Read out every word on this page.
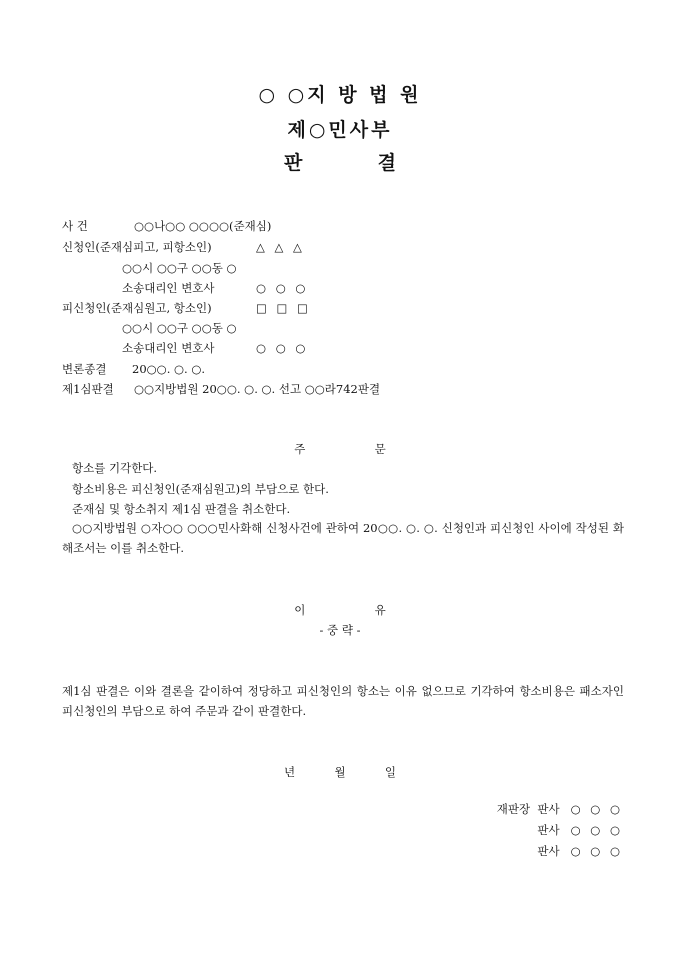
○ ○지 방 법 원
제○민사부
판	결
사 건	○○나○○ ○○○○(준재심)
신청인(준재심피고, 피항소인)	△ △ △
○○시 ○○구 ○○동 ○
소송대리인 변호사	○ ○ ○
피신청인(준재심원고, 항소인)	□ □ □
○○시 ○○구 ○○동 ○
소송대리인 변호사	○ ○ ○
변론종결 20○○. ○. ○.
제1심판결 ○○지방법원 20○○. ○. ○. 선고 ○○라742판결
주	문
항소를 기각한다.
항소비용은 피신청인(준재심원고)의 부담으로 한다.
준재심 및 항소취지 제1심 판결을 취소한다.
○○지방법원 ○자○○ ○○○민사화해 신청사건에 관하여 20○○. ○. ○. 신청인과 피신청인 사이에 작성된 화해조서는 이를 취소한다.
이	유
- 중 략 -
제1심 판결은 이와 결론을 같이하여 정당하고 피신청인의 항소는 이유 없으므로 기각하여 항소비용은 패소자인 피신청인의 부담으로 하여 주문과 같이 판결한다.
년	월	일
재판장 판사 ○ ○ ○
판사 ○ ○ ○
판사 ○ ○ ○
